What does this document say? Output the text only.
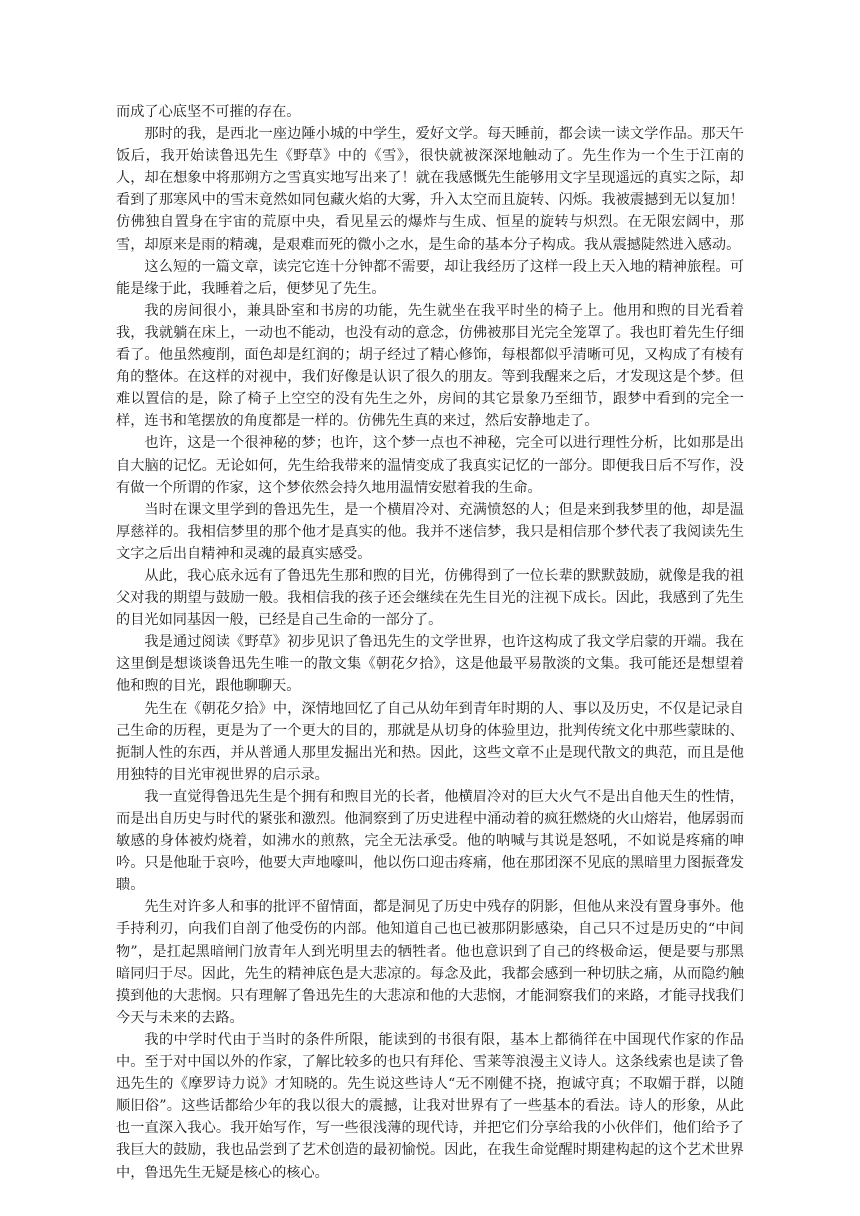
而成了心底坚不可摧的存在。

那时的我，是西北一座边陲小城的中学生，爱好文学。每天睡前，都会读一读文学作品。那天午饭后，我开始读鲁迅先生《野草》中的《雪》，很快就被深深地触动了。先生作为一个生于江南的人，却在想象中将那朔方之雪真实地写出来了！就在我感慨先生能够用文字呈现遥远的真实之际，却看到了那寒风中的雪末竟然如同包藏火焰的大雾，升入太空而且旋转、闪烁。我被震撼到无以复加！仿佛独自置身在宇宙的荒原中央，看见星云的爆炸与生成、恒星的旋转与炽烈。在无限宏阔中，那雪，却原来是雨的精魂，是艰难而死的微小之水，是生命的基本分子构成。我从震撼陡然进入感动。

这么短的一篇文章，读完它连十分钟都不需要，却让我经历了这样一段上天入地的精神旅程。可能是缘于此，我睡着之后，便梦见了先生。

我的房间很小，兼具卧室和书房的功能，先生就坐在我平时坐的椅子上。他用和煦的目光看着我，我就躺在床上，一动也不能动，也没有动的意念，仿佛被那目光完全笼罩了。我也盯着先生仔细看了。他虽然瘦削，面色却是红润的；胡子经过了精心修饰，每根都似乎清晰可见，又构成了有棱有角的整体。在这样的对视中，我们好像是认识了很久的朋友。等到我醒来之后，才发现这是个梦。但难以置信的是，除了椅子上空空的没有先生之外，房间的其它景象乃至细节，跟梦中看到的完全一样，连书和笔摆放的角度都是一样的。仿佛先生真的来过，然后安静地走了。

也许，这是一个很神秘的梦；也许，这个梦一点也不神秘，完全可以进行理性分析，比如那是出自大脑的记忆。无论如何，先生给我带来的温情变成了我真实记忆的一部分。即便我日后不写作，没有做一个所谓的作家，这个梦依然会持久地用温情安慰着我的生命。

当时在课文里学到的鲁迅先生，是一个横眉冷对、充满愤怒的人；但是来到我梦里的他，却是温厚慈祥的。我相信梦里的那个他才是真实的他。我并不迷信梦，我只是相信那个梦代表了我阅读先生文字之后出自精神和灵魂的最真实感受。

从此，我心底永远有了鲁迅先生那和煦的目光，仿佛得到了一位长辈的默默鼓励，就像是我的祖父对我的期望与鼓励一般。我相信我的孩子还会继续在先生目光的注视下成长。因此，我感到了先生的目光如同基因一般，已经是自己生命的一部分了。

我是通过阅读《野草》初步见识了鲁迅先生的文学世界，也许这构成了我文学启蒙的开端。我在这里倒是想谈谈鲁迅先生唯一的散文集《朝花夕拾》，这是他最平易散淡的文集。我可能还是想望着他和煦的目光，跟他聊聊天。

先生在《朝花夕拾》中，深情地回忆了自己从幼年到青年时期的人、事以及历史，不仅是记录自己生命的历程，更是为了一个更大的目的，那就是从切身的体验里边，批判传统文化中那些蒙昧的、扼制人性的东西，并从普通人那里发掘出光和热。因此，这些文章不止是现代散文的典范，而且是他用独特的目光审视世界的启示录。

我一直觉得鲁迅先生是个拥有和煦目光的长者，他横眉冷对的巨大火气不是出自他天生的性情，而是出自历史与时代的紧张和激烈。他洞察到了历史进程中涌动着的疯狂燃烧的火山熔岩，他孱弱而敏感的身体被灼烧着，如沸水的煎熬，完全无法承受。他的呐喊与其说是怒吼，不如说是疼痛的呻吟。只是他耻于哀吟，他要大声地嚎叫，他以伤口迎击疼痛，他在那团深不见底的黑暗里力图振聋发聩。

先生对许多人和事的批评不留情面，都是洞见了历史中残存的阴影，但他从来没有置身事外。他手持利刃，向我们自剖了他受伤的内部。他知道自己也已被那阴影感染，自己只不过是历史的“中间物”，是扛起黑暗闸门放青年人到光明里去的牺牲者。他也意识到了自己的终极命运，便是要与那黑暗同归于尽。因此，先生的精神底色是大悲凉的。每念及此，我都会感到一种切肤之痛，从而隐约触摸到他的大悲悯。只有理解了鲁迅先生的大悲凉和他的大悲悯，才能洞察我们的来路，才能寻找我们今天与未来的去路。

我的中学时代由于当时的条件所限，能读到的书很有限，基本上都徜徉在中国现代作家的作品中。至于对中国以外的作家，了解比较多的也只有拜伦、雪莱等浪漫主义诗人。这条线索也是读了鲁迅先生的《摩罗诗力说》才知晓的。先生说这些诗人“无不刚健不挠，抱诚守真；不取媚于群，以随顺旧俗”。这些话都给少年的我以很大的震撼，让我对世界有了一些基本的看法。诗人的形象，从此也一直深入我心。我开始写作，写一些很浅薄的现代诗，并把它们分享给我的小伙伴们，他们给予了我巨大的鼓励，我也品尝到了艺术创造的最初愉悦。因此，在我生命觉醒时期建构起的这个艺术世界中，鲁迅先生无疑是核心的核心。
